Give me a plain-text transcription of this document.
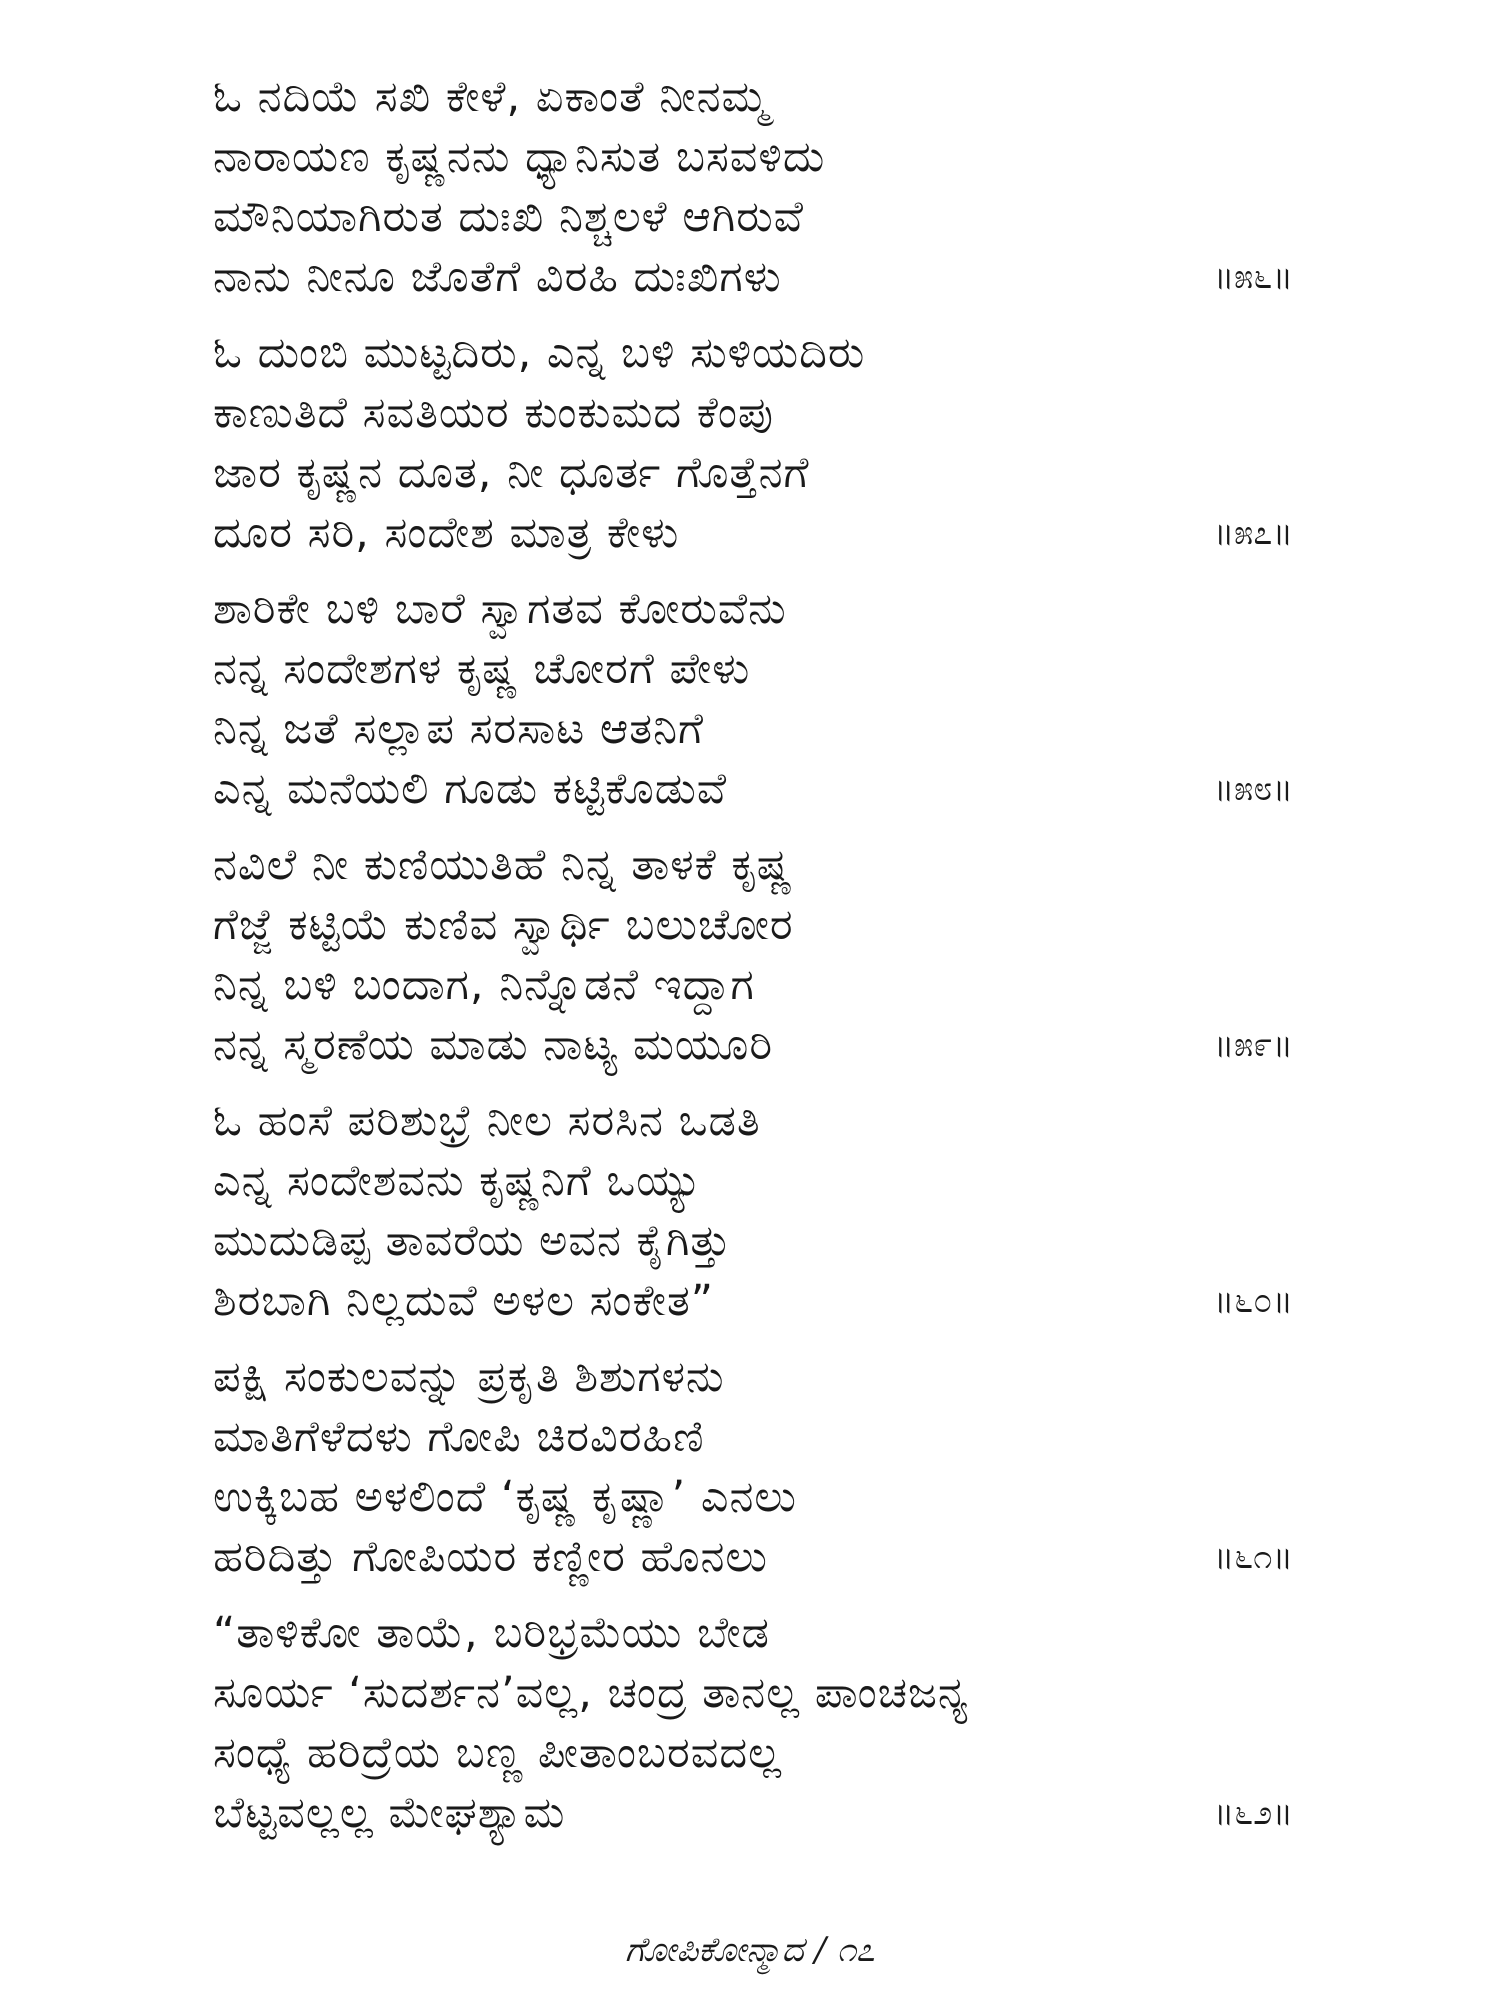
ಓ ನದಿಯೆ ಸಖಿ ಕೇಳೆ, ಏಕಾಂತೆ ನೀನಮ್ಮ
ನಾರಾಯಣ ಕೃಷ್ಣನನು ಧ್ಯಾನಿಸುತ ಬಸವಳಿದು
ಮೌನಿಯಾಗಿರುತ ದುಃಖಿ ನಿಶ್ಚಲಳೆ ಆಗಿರುವೆ
ನಾನು ನೀನೂ ಜೊತೆಗೆ ವಿರಹಿ ದುಃಖಿಗಳು	॥೫೬॥
ಓ ದುಂಬಿ ಮುಟ್ಟದಿರು, ಎನ್ನ ಬಳಿ ಸುಳಿಯದಿರು
ಕಾಣುತಿದೆ ಸವತಿಯರ ಕುಂಕುಮದ ಕೆಂಪು
ಜಾರ ಕೃಷ್ಣನ ದೂತ, ನೀ ಧೂರ್ತ ಗೊತ್ತೆನಗೆ
ದೂರ ಸರಿ, ಸಂದೇಶ ಮಾತ್ರ ಕೇಳು	॥೫೭॥
ಶಾರಿಕೇ ಬಳಿ ಬಾರೆ ಸ್ವಾಗತವ ಕೋರುವೆನು
ನನ್ನ ಸಂದೇಶಗಳ ಕೃಷ್ಣ ಚೋರಗೆ ಪೇಳು
ನಿನ್ನ ಜತೆ ಸಲ್ಲಾಪ ಸರಸಾಟ ಆತನಿಗೆ
ಎನ್ನ ಮನೆಯಲಿ ಗೂಡು ಕಟ್ಟಿಕೊಡುವೆ	॥೫೮॥
ನವಿಲೆ ನೀ ಕುಣಿಯುತಿಹೆ ನಿನ್ನ ತಾಳಕೆ ಕೃಷ್ಣ
ಗೆಜ್ಜೆ ಕಟ್ಟಿಯೆ ಕುಣಿವ ಸ್ವಾರ್ಥಿ ಬಲುಚೋರ
ನಿನ್ನ ಬಳಿ ಬಂದಾಗ, ನಿನ್ನೊಡನೆ ಇದ್ದಾಗ
ನನ್ನ ಸ್ಮರಣೆಯ ಮಾಡು ನಾಟ್ಯ ಮಯೂರಿ	॥೫೯॥
ಓ ಹಂಸೆ ಪರಿಶುಭ್ರೆ ನೀಲ ಸರಸಿನ ಒಡತಿ
ಎನ್ನ ಸಂದೇಶವನು ಕೃಷ್ಣನಿಗೆ ಒಯ್ಯು
ಮುದುಡಿಪ್ಪ ತಾವರೆಯ ಅವನ ಕೈಗಿತ್ತು
ಶಿರಬಾಗಿ ನಿಲ್ಲದುವೆ ಅಳಲ ಸಂಕೇತ”	॥೬೦॥
ಪಕ್ಷಿ ಸಂಕುಲವನ್ನು ಪ್ರಕೃತಿ ಶಿಶುಗಳನು
ಮಾತಿಗೆಳೆದಳು ಗೋಪಿ ಚಿರವಿರಹಿಣಿ
ಉಕ್ಕಿಬಹ ಅಳಲಿಂದೆ ‘ಕೃಷ್ಣ ಕೃಷ್ಣಾ’ ಎನಲು
ಹರಿದಿತ್ತು ಗೋಪಿಯರ ಕಣ್ಣೀರ ಹೊನಲು	॥೬೧॥
“ತಾಳಿಕೋ ತಾಯೆ, ಬರಿಭ್ರಮೆಯು ಬೇಡ
ಸೂರ್ಯ ‘ಸುದರ್ಶನ’ವಲ್ಲ, ಚಂದ್ರ ತಾನಲ್ಲ ಪಾಂಚಜನ್ಯ
ಸಂಧ್ಯೆ ಹರಿದ್ರೆಯ ಬಣ್ಣ ಪೀತಾಂಬರವದಲ್ಲ
ಬೆಟ್ಟವಲ್ಲಲ್ಲ ಮೇಘಶ್ಯಾಮ	॥೬೨॥
ಗೋಪಿಕೋನ್ಮಾದ / ೧೭
